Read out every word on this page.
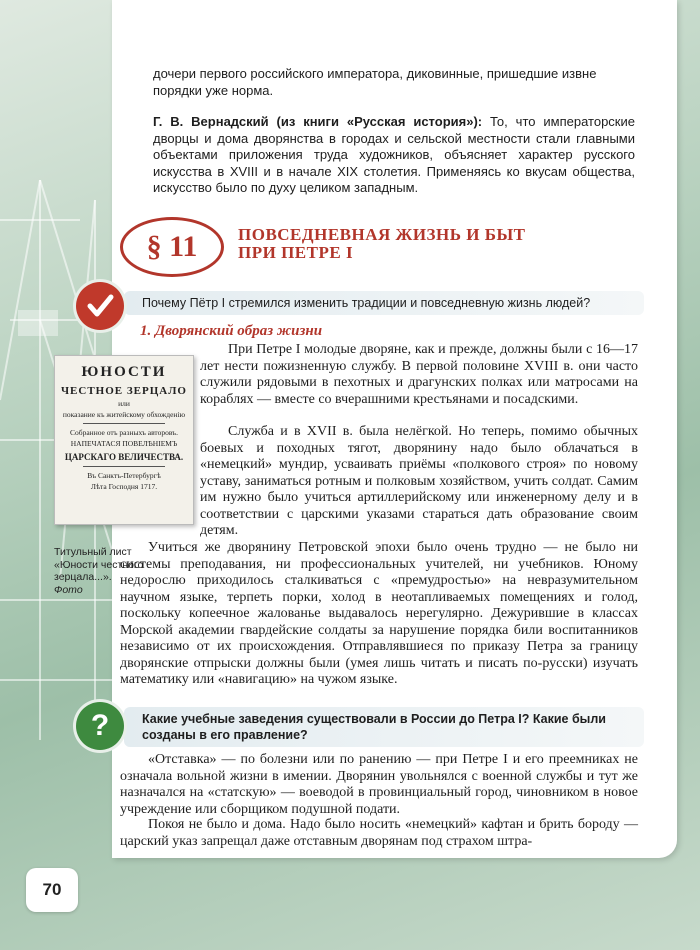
дочери первого российского императора, диковинные, пришедшие извне порядки уже норма.

Г. В. Вернадский (из книги «Русская история»): То, что императорские дворцы и дома дворянства в городах и сельской местности стали главными объектами приложения труда художников, объясняет характер русского искусства в XVIII и в начале XIX столетия. Применяясь ко вкусам общества, искусство было по духу целиком западным.

§ 11	ПОВСЕДНЕВНАЯ ЖИЗНЬ И БЫТ
ПРИ ПЕТРЕ I
Почему Пётр I стремился изменить традиции и повседневную жизнь людей?
1. Дворянский образ жизни
ЮНОСТИ
ЧЕСТНОЕ ЗЕРЦАЛО
или
показание къ житейскому обхожденію
Собранное отъ разныхъ авторовъ.
НАПЕЧАТАСЯ ПОВЕЛѢНІЕМЪ
ЦАРСКАГО ВЕЛИЧЕСТВА.
Въ Санктъ-Петербургѣ
Лѣта Господня 1717.
Титульный лист «Юности честного зерцала...».
Фото

При Петре I молодые дворяне, как и прежде, должны были с 16—17 лет нести пожизненную службу. В первой половине XVIII в. они часто служили рядовыми в пехотных и драгунских полках или матросами на кораблях — вместе со вчерашними крестьянами и посадскими.

Служба и в XVII в. была нелёгкой. Но теперь, помимо обычных боевых и походных тягот, дворянину надо было облачаться в «немецкий» мундир, усваивать приёмы «полкового строя» по новому уставу, заниматься ротным и полковым хозяйством, учить солдат. Самим им нужно было учиться артиллерийскому или инженерному делу и в соответствии с царскими указами стараться дать образование своим детям.

Учиться же дворянину Петровской эпохи было очень трудно — не было ни системы преподавания, ни профессиональных учителей, ни учебников. Юному недорослю приходилось сталкиваться с «премудростью» на невразумительном научном языке, терпеть порки, холод в неотапливаемых помещениях и голод, поскольку копеечное жалованье выдавалось нерегулярно. Дежурившие в классах Морской академии гвардейские солдаты за нарушение порядка били воспитанников независимо от их происхождения. Отправлявшиеся по приказу Петра за границу дворянские отпрыски должны были (умея лишь читать и писать по-русски) изучать математику или «навигацию» на чужом языке.

Какие учебные заведения существовали в России до Петра I? Какие были созданы в его правление?
?

«Отставка» — по болезни или по ранению — при Петре I и его преемниках не означала вольной жизни в имении. Дворянин увольнялся с военной службы и тут же назначался на «статскую» — воеводой в провинциальный город, чиновником в новое учреждение или сборщиком подушной подати.

Покоя не было и дома. Надо было носить «немецкий» кафтан и брить бороду — царский указ запрещал даже отставным дворянам под страхом штра-

70
